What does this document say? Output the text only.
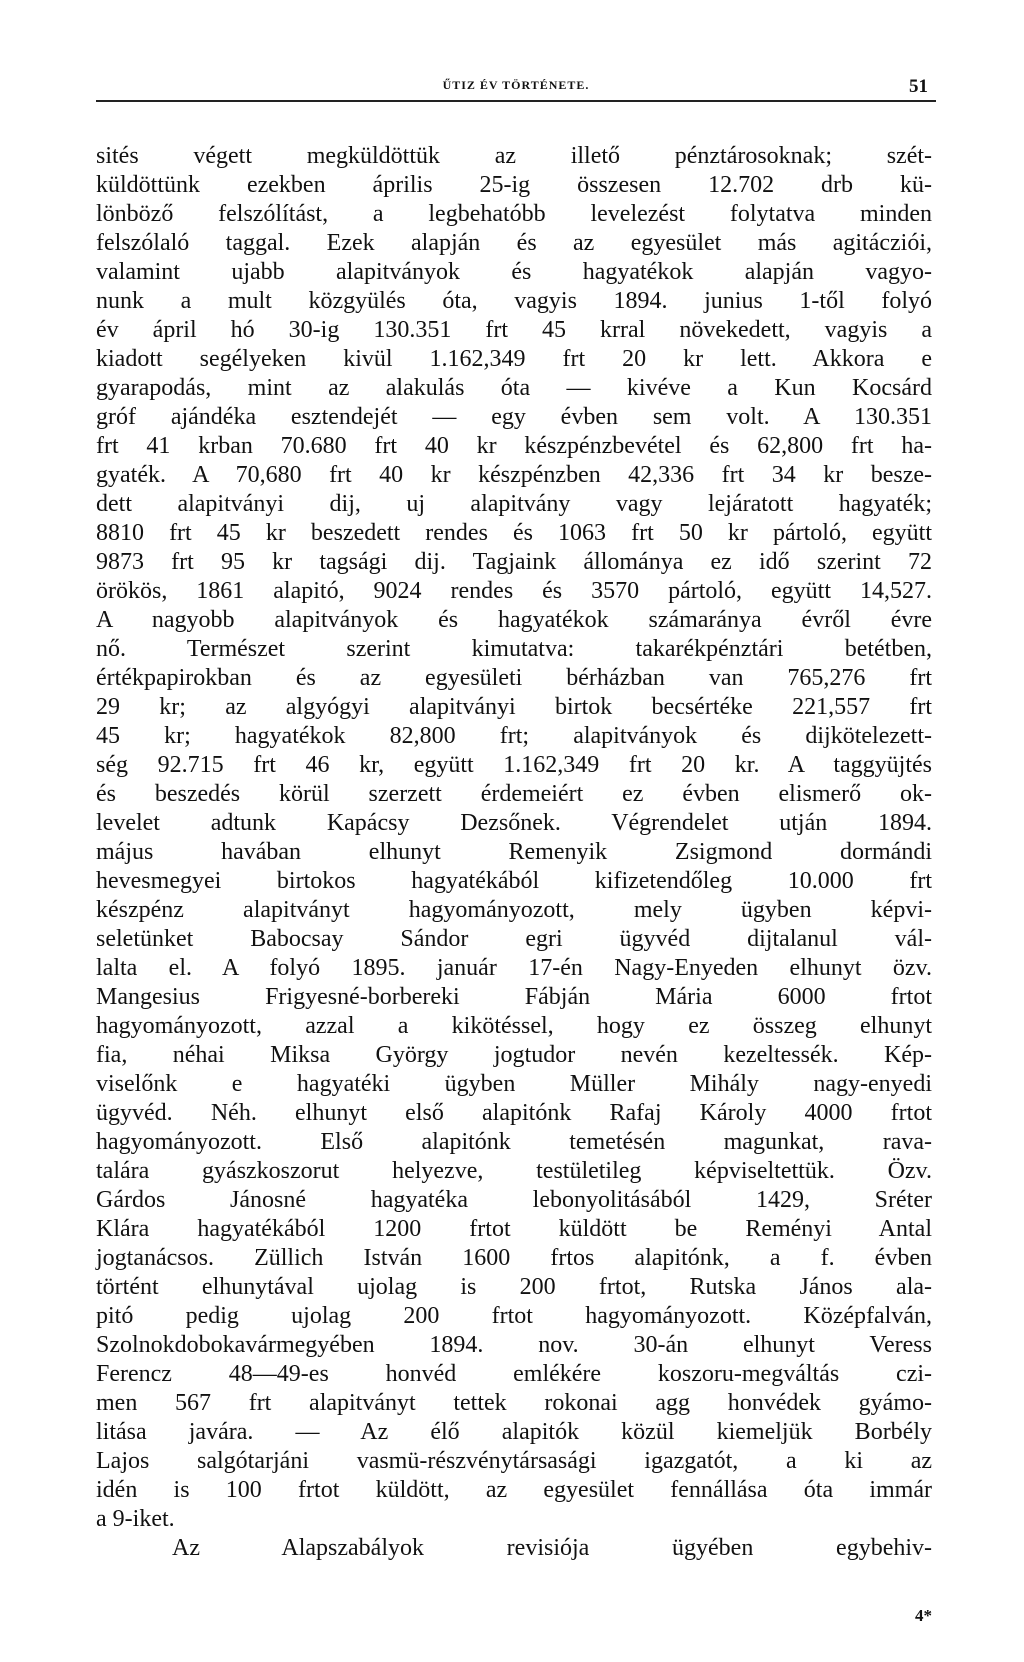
ŰTIZ ÉV TÖRTÉNETE.	51
sités végett megküldöttük az illető pénztárosoknak; szét-
küldöttünk ezekben április 25-ig összesen 12.702 drb kü-
lönböző felszólítást, a legbehatóbb levelezést folytatva minden
felszólaló taggal. Ezek alapján és az egyesület más agitácziói,
valamint ujabb alapitványok és hagyatékok alapján vagyo-
nunk a mult közgyülés óta, vagyis 1894. junius 1-től folyó
év ápril hó 30-ig 130.351 frt 45 krral növekedett, vagyis a
kiadott segélyeken kivül 1.162,349 frt 20 kr lett. Akkora e
gyarapodás, mint az alakulás óta — kivéve a Kun Kocsárd
gróf ajándéka esztendejét — egy évben sem volt. A 130.351
frt 41 krban 70.680 frt 40 kr készpénzbevétel és 62,800 frt ha-
gyaték. A 70,680 frt 40 kr készpénzben 42,336 frt 34 kr besze-
dett alapitványi dij, uj alapitvány vagy lejáratott hagyaték;
8810 frt 45 kr beszedett rendes és 1063 frt 50 kr pártoló, együtt
9873 frt 95 kr tagsági dij. Tagjaink állománya ez idő szerint 72
örökös, 1861 alapitó, 9024 rendes és 3570 pártoló, együtt 14,527.
A nagyobb alapitványok és hagyatékok számaránya évről évre
nő. Természet szerint kimutatva: takarékpénztári betétben,
értékpapirokban és az egyesületi bérházban van 765,276 frt
29 kr; az algyógyi alapitványi birtok becsértéke 221,557 frt
45 kr; hagyatékok 82,800 frt; alapitványok és dijkötelezett-
ség 92.715 frt 46 kr, együtt 1.162,349 frt 20 kr. A taggyüjtés
és beszedés körül szerzett érdemeiért ez évben elismerő ok-
levelet adtunk Kapácsy Dezsőnek. Végrendelet utján 1894.
május havában elhunyt Remenyik Zsigmond dormándi
hevesmegyei birtokos hagyatékából kifizetendőleg 10.000 frt
készpénz alapitványt hagyományozott, mely ügyben képvi-
seletünket Babocsay Sándor egri ügyvéd dijtalanul vál-
lalta el. A folyó 1895. január 17-én Nagy-Enyeden elhunyt özv.
Mangesius Frigyesné-borbereki Fábján Mária 6000 frtot
hagyományozott, azzal a kikötéssel, hogy ez összeg elhunyt
fia, néhai Miksa György jogtudor nevén kezeltessék. Kép-
viselőnk e hagyatéki ügyben Müller Mihály nagy-enyedi
ügyvéd. Néh. elhunyt első alapitónk Rafaj Károly 4000 frtot
hagyományozott. Első alapitónk temetésén magunkat, rava-
talára gyászkoszorut helyezve, testületileg képviseltettük. Özv.
Gárdos Jánosné hagyatéka lebonyolitásából 1429, Sréter
Klára hagyatékából 1200 frtot küldött be Reményi Antal
jogtanácsos. Züllich István 1600 frtos alapitónk, a f. évben
történt elhunytával ujolag is 200 frtot, Rutska János ala-
pitó pedig ujolag 200 frtot hagyományozott. Középfalván,
Szolnokdobokavármegyében 1894. nov. 30-án elhunyt Veress
Ferencz 48—49-es honvéd emlékére koszoru-megváltás czi-
men 567 frt alapitványt tettek rokonai agg honvédek gyámo-
litása javára. — Az élő alapitók közül kiemeljük Borbély
Lajos salgótarjáni vasmü-részvénytársasági igazgatót, a ki az
idén is 100 frtot küldött, az egyesület fennállása óta immár
a 9-iket.
Az Alapszabályok revisiója ügyében egybehiv-
4*
